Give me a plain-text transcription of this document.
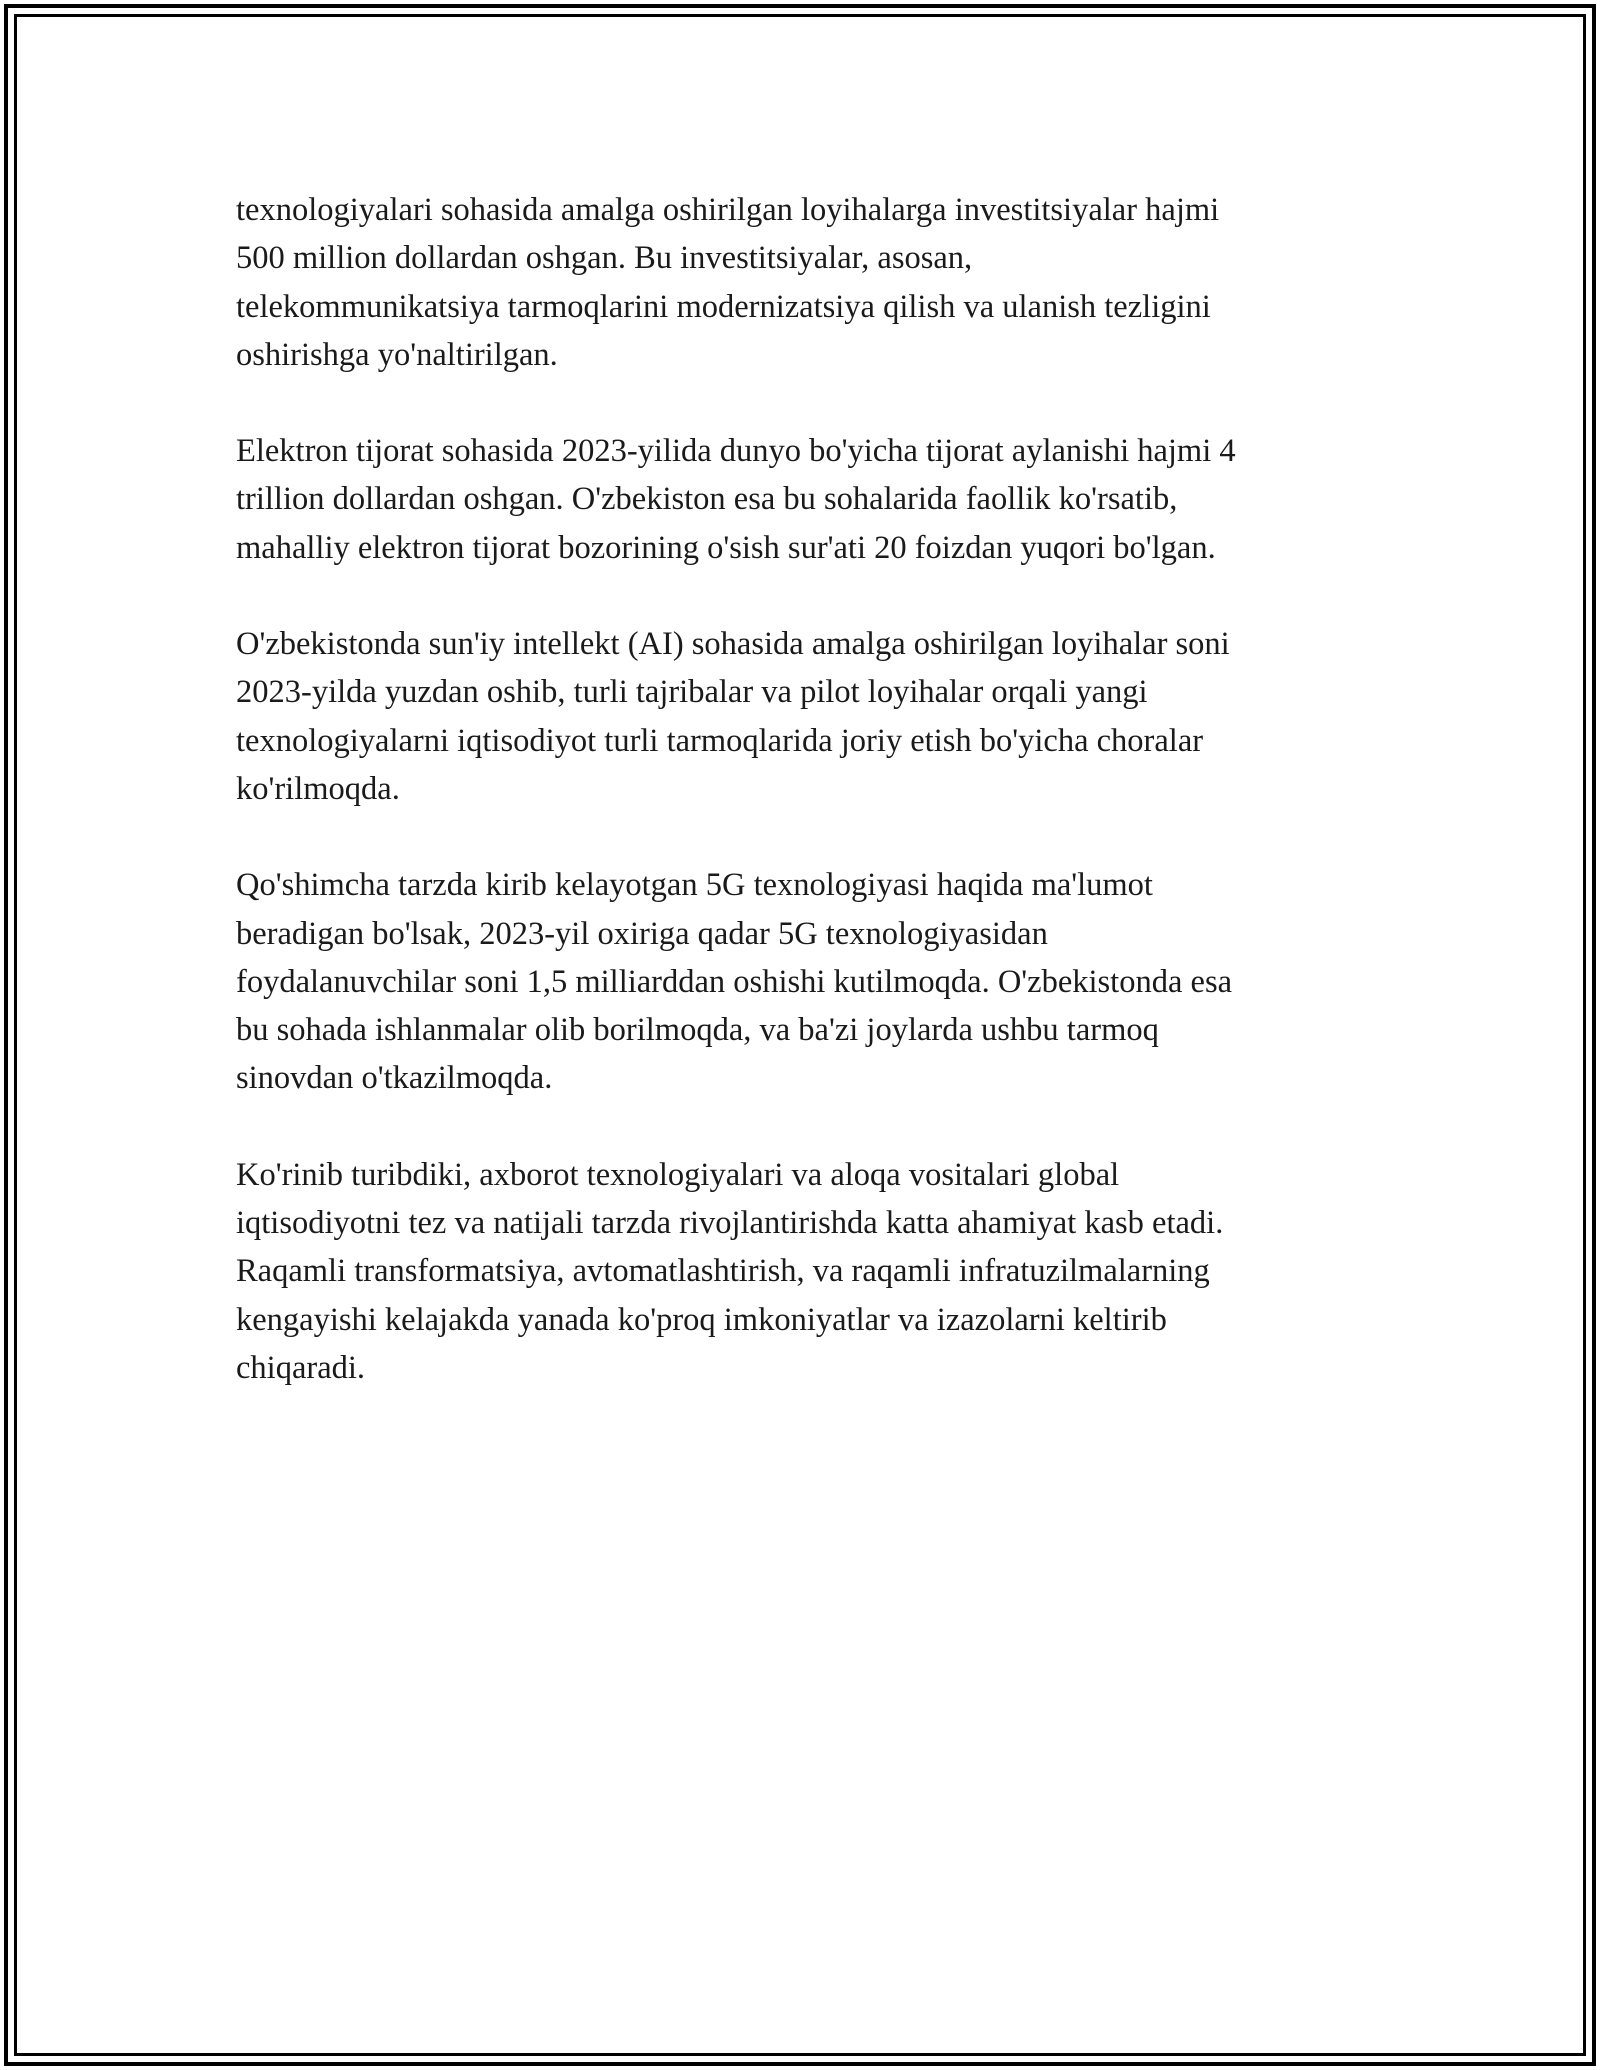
texnologiyalari sohasida amalga oshirilgan loyihalarga investitsiyalar hajmi
500 million dollardan oshgan. Bu investitsiyalar, asosan,
telekommunikatsiya tarmoqlarini modernizatsiya qilish va ulanish tezligini
oshirishga yo'naltirilgan.

Elektron tijorat sohasida 2023-yilida dunyo bo'yicha tijorat aylanishi hajmi 4
trillion dollardan oshgan. O'zbekiston esa bu sohalarida faollik ko'rsatib,
mahalliy elektron tijorat bozorining o'sish sur'ati 20 foizdan yuqori bo'lgan.

O'zbekistonda sun'iy intellekt (AI) sohasida amalga oshirilgan loyihalar soni
2023-yilda yuzdan oshib, turli tajribalar va pilot loyihalar orqali yangi
texnologiyalarni iqtisodiyot turli tarmoqlarida joriy etish bo'yicha choralar
ko'rilmoqda.

Qo'shimcha tarzda kirib kelayotgan 5G texnologiyasi haqida ma'lumot
beradigan bo'lsak, 2023-yil oxiriga qadar 5G texnologiyasidan
foydalanuvchilar soni 1,5 milliarddan oshishi kutilmoqda. O'zbekistonda esa
bu sohada ishlanmalar olib borilmoqda, va ba'zi joylarda ushbu tarmoq
sinovdan o'tkazilmoqda.

Ko'rinib turibdiki, axborot texnologiyalari va aloqa vositalari global
iqtisodiyotni tez va natijali tarzda rivojlantirishda katta ahamiyat kasb etadi.
Raqamli transformatsiya, avtomatlashtirish, va raqamli infratuzilmalarning
kengayishi kelajakda yanada ko'proq imkoniyatlar va izazolarni keltirib
chiqaradi.
